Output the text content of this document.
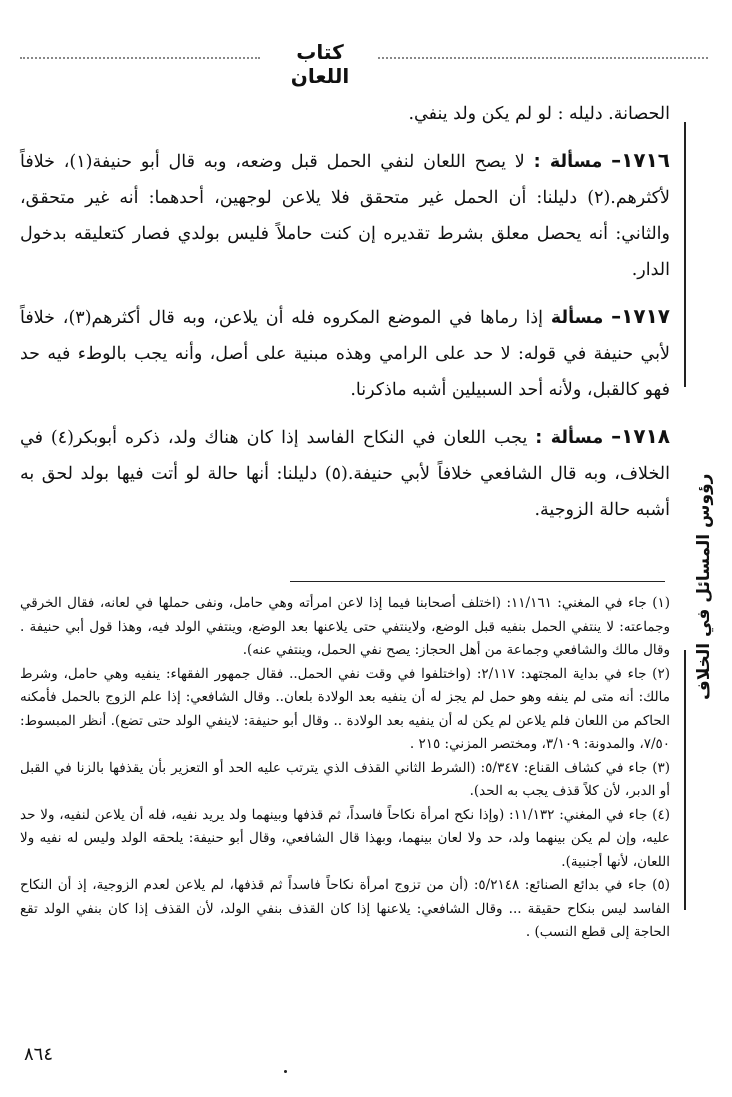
كتاب اللعان
رؤوس المسائل في الخلاف

الحصانة. دليله : لو لم يكن ولد ينفي.

١٧١٦– مسألة : لا يصح اللعان لنفي الحمل قبل وضعه، وبه قال أبو حنيفة(١)، خلافاً لأكثرهم.(٢) دليلنا: أن الحمل غير متحقق فلا يلاعن لوجهين، أحدهما: أنه غير متحقق، والثاني: أنه يحصل معلق بشرط تقديره إن كنت حاملاً فليس بولدي فصار كتعليقه بدخول الدار.

١٧١٧– مسألة إذا رماها في الموضع المكروه فله أن يلاعن، وبه قال أكثرهم(٣)، خلافاً لأبي حنيفة في قوله: لا حد على الرامي وهذه مبنية على أصل، وأنه يجب بالوطء فيه حد فهو كالقبل، ولأنه أحد السبيلين أشبه ماذكرنا.

١٧١٨– مسألة : يجب اللعان في النكاح الفاسد إذا كان هناك ولد، ذكره أبوبكر(٤) في الخلاف، وبه قال الشافعي خلافاً لأبي حنيفة.(٥) دليلنا: أنها حالة لو أتت فيها بولد لحق به أشبه حالة الزوجية.

(١) جاء في المغني: ١١/١٦١: (اختلف أصحابنا فيما إذا لاعن امرأته وهي حامل، ونفى حملها في لعانه، فقال الخرقي وجماعته: لا ينتفي الحمل بنفيه قبل الوضع، ولاينتفي حتى يلاعنها بعد الوضع، وينتفي الولد فيه، وهذا قول أبي حنيفة . وقال مالك والشافعي وجماعة من أهل الحجاز: يصح نفي الحمل، وينتفي عنه).

(٢) جاء في بداية المجتهد: ٢/١١٧: (واختلفوا في وقت نفي الحمل.. فقال جمهور الفقهاء: ينفيه وهي حامل، وشرط مالك: أنه متى لم ينفه وهو حمل لم يجز له أن ينفيه بعد الولادة بلعان.. وقال الشافعي: إذا علم الزوج بالحمل فأمكنه الحاكم من اللعان فلم يلاعن لم يكن له أن ينفيه بعد الولادة .. وقال أبو حنيفة: لاينفي الولد حتى تضع). أنظر المبسوط: ٧/٥٠، والمدونة: ٣/١٠٩، ومختصر المزني: ٢١٥ .

(٣) جاء في كشاف القناع: ٥/٣٤٧: (الشرط الثاني القذف الذي يترتب عليه الحد أو التعزير بأن يقذفها بالزنا في القبل أو الدبر، لأن كلاً قذف يجب به الحد).

(٤) جاء في المغني: ١١/١٣٢: (وإذا نكح امرأة نكاحاً فاسداً، ثم قذفها وبينهما ولد يريد نفيه، فله أن يلاعن لنفيه، ولا حد عليه، وإن لم يكن بينهما ولد، حد ولا لعان بينهما، وبهذا قال الشافعي، وقال أبو حنيفة: يلحقه الولد وليس له نفيه ولا اللعان، لأنها أجنبية).

(٥) جاء في بدائع الصنائع: ٥/٢١٤٨: (أن من تزوج امرأة نكاحاً فاسداً ثم قذفها، لم يلاعن لعدم الزوجية، إذ أن النكاح الفاسد ليس بنكاح حقيقة ... وقال الشافعي: يلاعنها إذا كان القذف بنفي الولد، لأن القذف إذا كان بنفي الولد تقع الحاجة إلى قطع النسب) .

٨٦٤
